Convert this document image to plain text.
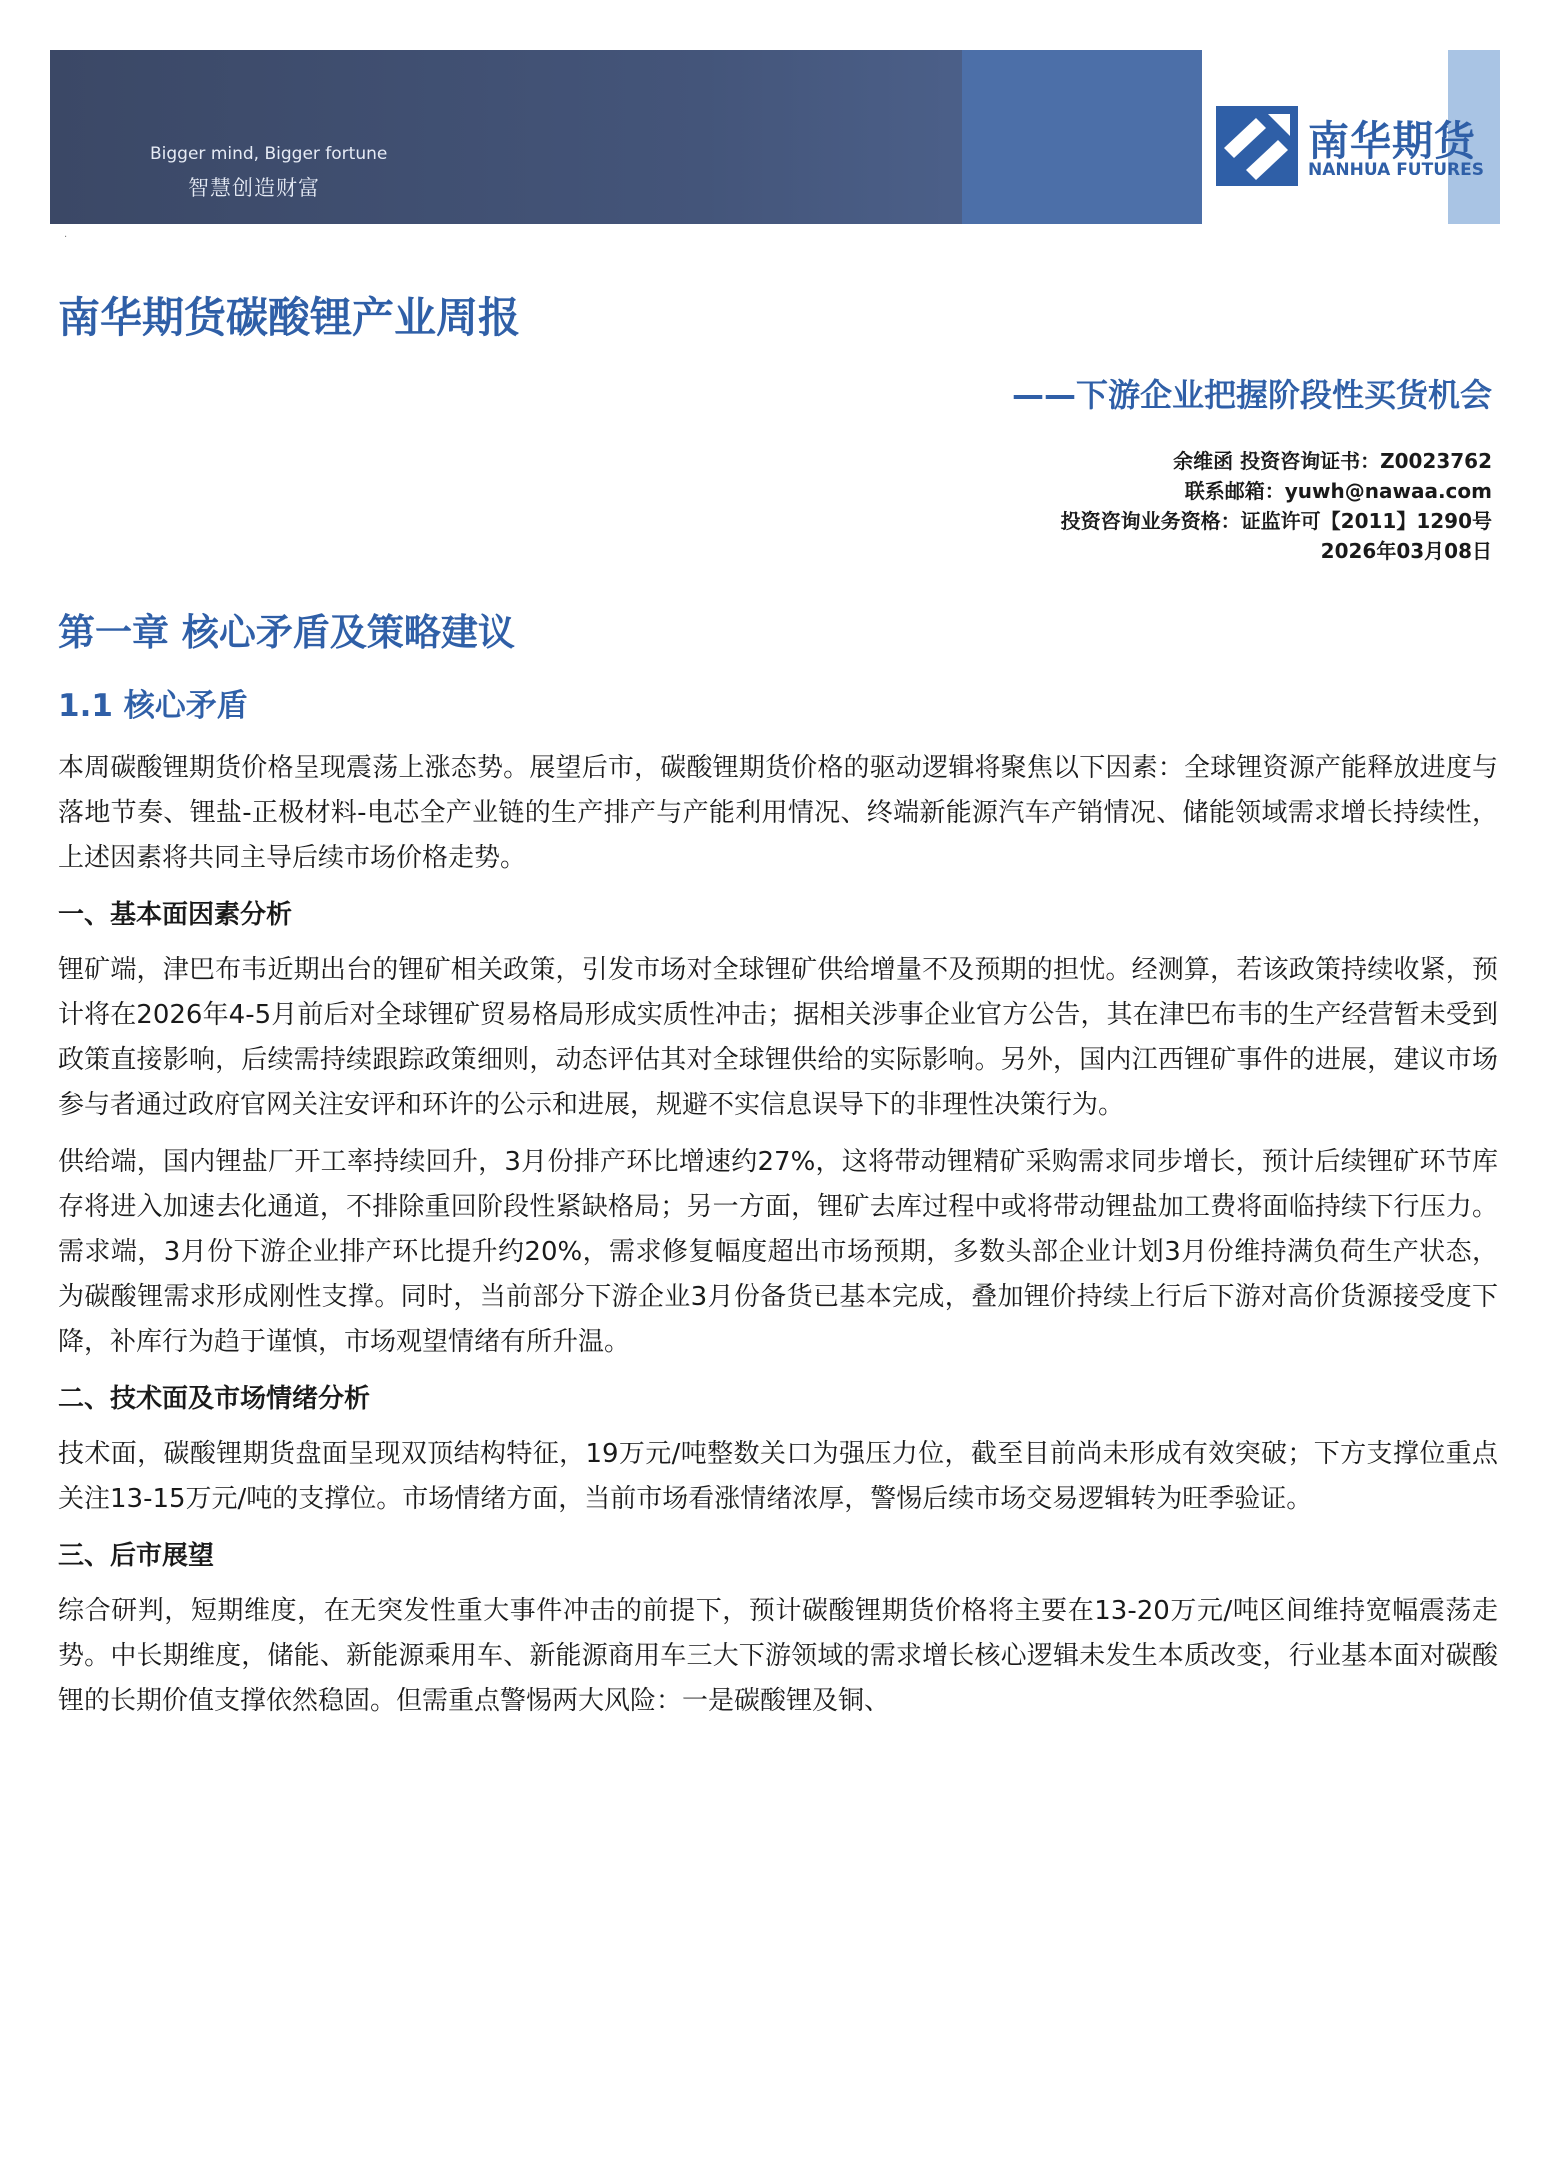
Bigger mind, Bigger fortune
智慧创造财富
南华期货
NANHUA FUTURES
·
南华期货碳酸锂产业周报
——下游企业把握阶段性买货机会
余维函 投资咨询证书：Z0023762
联系邮箱：yuwh@nawaa.com
投资咨询业务资格：证监许可【2011】1290号
2026年03月08日
第一章 核心矛盾及策略建议
1.1 核心矛盾

本周碳酸锂期货价格呈现震荡上涨态势。展望后市，碳酸锂期货价格的驱动逻辑将聚焦以下因素：全球锂资源产能释放进度与落地节奏、锂盐-正极材料-电芯全产业链的生产排产与产能利用情况、终端新能源汽车产销情况、储能领域需求增长持续性，上述因素将共同主导后续市场价格走势。

一、基本面因素分析

锂矿端，津巴布韦近期出台的锂矿相关政策，引发市场对全球锂矿供给增量不及预期的担忧。经测算，若该政策持续收紧，预计将在2026年4-5月前后对全球锂矿贸易格局形成实质性冲击；据相关涉事企业官方公告，其在津巴布韦的生产经营暂未受到政策直接影响，后续需持续跟踪政策细则，动态评估其对全球锂供给的实际影响。另外，国内江西锂矿事件的进展，建议市场参与者通过政府官网关注安评和环许的公示和进展，规避不实信息误导下的非理性决策行为。

供给端，国内锂盐厂开工率持续回升，3月份排产环比增速约27%，这将带动锂精矿采购需求同步增长，预计后续锂矿环节库存将进入加速去化通道，不排除重回阶段性紧缺格局；另一方面，锂矿去库过程中或将带动锂盐加工费将面临持续下行压力。需求端，3月份下游企业排产环比提升约20%，需求修复幅度超出市场预期，多数头部企业计划3月份维持满负荷生产状态，为碳酸锂需求形成刚性支撑。同时，当前部分下游企业3月份备货已基本完成，叠加锂价持续上行后下游对高价货源接受度下降，补库行为趋于谨慎，市场观望情绪有所升温。

二、技术面及市场情绪分析

技术面，碳酸锂期货盘面呈现双顶结构特征，19万元/吨整数关口为强压力位，截至目前尚未形成有效突破；下方支撑位重点关注13-15万元/吨的支撑位。市场情绪方面，当前市场看涨情绪浓厚，警惕后续市场交易逻辑转为旺季验证。

三、后市展望

综合研判，短期维度，在无突发性重大事件冲击的前提下，预计碳酸锂期货价格将主要在13-20万元/吨区间维持宽幅震荡走势。中长期维度，储能、新能源乘用车、新能源商用车三大下游领域的需求增长核心逻辑未发生本质改变，行业基本面对碳酸锂的长期价值支撑依然稳固。但需重点警惕两大风险：一是碳酸锂及铜、
